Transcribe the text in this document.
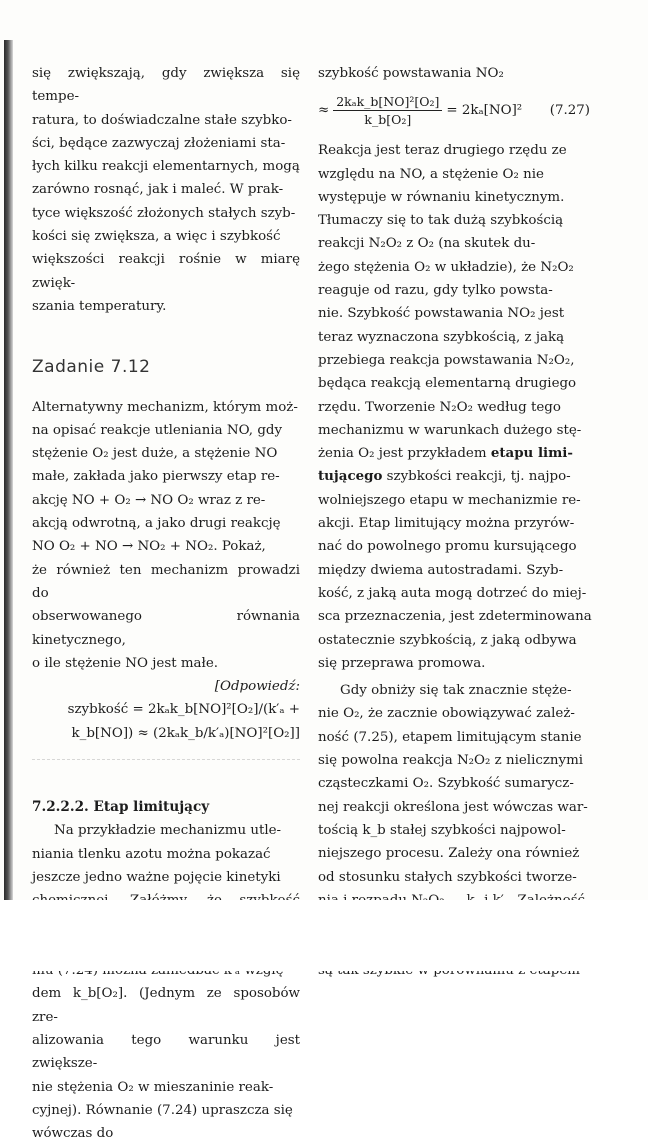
się zwiększają, gdy zwiększa się tempe-

ratura, to doświadczalne stałe szybko-

ści, będące zazwyczaj złożeniami sta-

łych kilku reakcji elementarnych, mogą

zarówno rosnąć, jak i maleć. W prak-

tyce większość złożonych stałych szyb-

kości się zwiększa, a więc i szybkość

większości reakcji rośnie w miarę zwięk-

szania temperatury.

Zadanie 7.12

Alternatywny mechanizm, którym moż-

na opisać reakcje utleniania NO, gdy

stężenie O₂ jest duże, a stężenie NO

małe, zakłada jako pierwszy etap re-

akcję NO + O₂ → NO O₂ wraz z re-

akcją odwrotną, a jako drugi reakcję

NO O₂ + NO → NO₂ + NO₂. Pokaż,

że również ten mechanizm prowadzi do

obserwowanego równania kinetycznego,

o ile stężenie NO jest małe.

[Odpowiedź:

szybkość = 2kₐk_b[NO]²[O₂]/(k′ₐ +

k_b[NO]) ≈ (2kₐk_b/k′ₐ)[NO]²[O₂]]

7.2.2.2. Etap limitujący

Na przykładzie mechanizmu utle-

niania tlenku azotu można pokazać

jeszcze jedno ważne pojęcie kinetyki

dem k_b[O₂]. (Jednym ze sposobów zre-

alizowania tego warunku jest zwiększe-

nie stężenia O₂ w mieszaninie reak-

cyjnej). Równanie (7.24) upraszcza się

wówczas do

szybkość powstawania NO₂

≈ $\frac{\text{2kₐk\_b[NO]²[O₂]}}{\text{k\_b[O₂]}} = 2k_a[NO]^2$ (7.27)

Reakcja jest teraz drugiego rzędu ze

względu na NO, a stężenie O₂ nie

występuje w równaniu kinetycznym.

Tłumaczy się to tak dużą szybkością

reakcji N₂O₂ z O₂ (na skutek du-

żego stężenia O₂ w układzie), że N₂O₂

reaguje od razu, gdy tylko powsta-

nie. Szybkość powstawania NO₂ jest

teraz wyznaczona szybkością, z jaką

przebiega reakcja powstawania N₂O₂,

będąca reakcją elementarną drugiego

rzędu. Tworzenie N₂O₂ według tego

mechanizmu w warunkach dużego stę-

żenia O₂ jest przykładem etapu limi-

tującego szybkości reakcji, tj. najpo-

wolniejszego etapu w mechanizmie re-

akcji. Etap limitujący można przyrów-

nać do powolnego promu kursującego

między dwiema autostradami. Szyb-

kość, z jaką auta mogą dotrzeć do miej-

sca przeznaczenia, jest zdeterminowana

ostatecznie szybkością, z jaką odbywa

się przeprawa promowa.

Gdy obniży się tak znacznie stęże-

nie O₂, że zacznie obowiązywać zależ-

ność (7.25), etapem limitującym stanie

się powolna reakcja N₂O₂ z nielicznymi

cząsteczkami O₂. Szybkość sumarycz-

nej reakcji określona jest wówczas war-

tością k_b stałej szybkości najpowol-

niejszego procesu. Zależy ona również

od stosunku stałych szybkości tworze-
